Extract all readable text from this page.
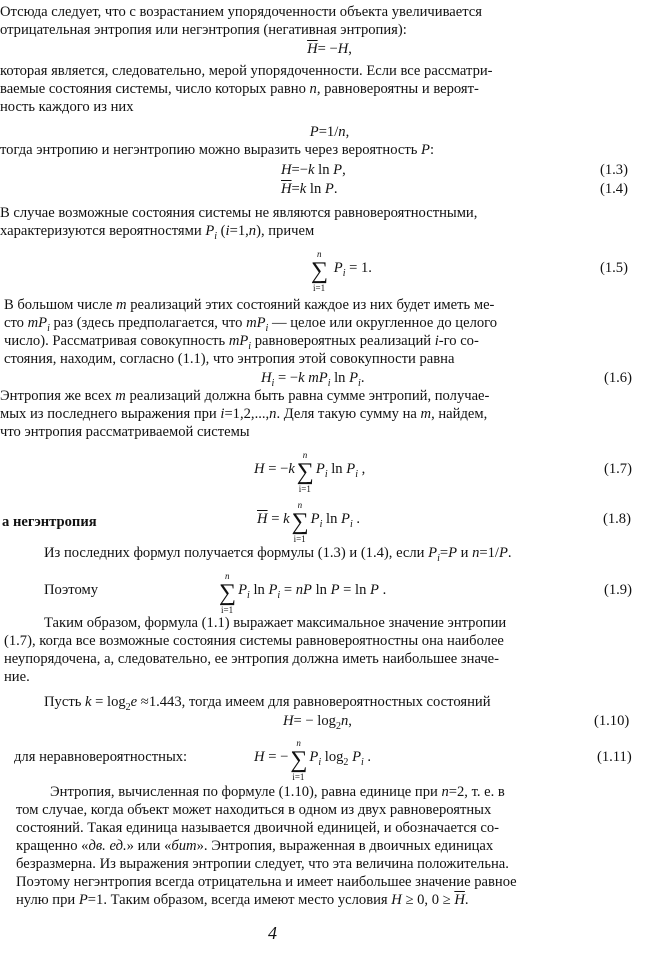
Отсюда следует, что с возрастанием упорядоченности объекта увеличивается
отрицательная энтропия или негэнтропия (негативная энтропия):
$\overline{H}= -H$,
которая является, следовательно, мерой упорядоченности. Если все рассматри-
ваемые состояния системы, число которых равно n, равновероятны и вероят-
ность каждого из них
P=1/n,
тогда энтропию и негэнтропию можно выразить через вероятность P:
H=−k ln P,	(1.3)
$\overline{H}=k$ ln P.	(1.4)
В случае возможные состояния системы не являются равновероятностными,
характеризуются вероятностями $P_i$ (i=1,n), причем
n
∑
i=1
$P_i = 1$.	(1.5)
В большом числе m реализаций этих состояний каждое из них будет иметь ме-
сто $mP_i$ раз (здесь предполагается, что $mP_i$ — целое или округленное до целого
число). Рассматривая совокупность $mP_i$ равновероятных реализаций i-го со-
стояния, находим, согласно (1.1), что энтропия этой совокупности равна
$H_i = -k$ $mP_i$ $\ln P_i$.	(1.6)
Энтропия же всех m реализаций должна быть равна сумме энтропий, получае-
мых из последнего выражения при i=1,2,...,n. Деля такую сумму на m, найдем,
что энтропия рассматриваемой системы
H = −k
n
∑
i=1
$P_i$ $\ln P_i$ ,	(1.7)
а негэнтропия	$\overline{H} = k$
n
∑
i=1
$P_i$ $\ln P_i$ .	(1.8)
Из последних формул получается формулы (1.3) и (1.4), если $P_i=P$ и n=1/P.
Поэтому
n
∑
i=1
$P_i$ $\ln P_i$ = nP ln P = ln P .	(1.9)
Таким образом, формула (1.1) выражает максимальное значение энтропии
(1.7), когда все возможные состояния системы равновероятностны она наиболее
неупорядочена, а, следовательно, ее энтропия должна иметь наибольшее значе-
ние.
Пусть $k = \log_2e \approx 1.443$, тогда имеем для равновероятностных состояний
$H= - \log_2n$,	(1.10)
для неравновероятностных:	H = −
n
∑
i=1
$P_i$ $\log_2 P_i$ .	(1.11)
Энтропия, вычисленная по формуле (1.10), равна единице при n=2, т. е. в
том случае, когда объект может находиться в одном из двух равновероятных
состояний. Такая единица называется двоичной единицей, и обозначается со-
кращенно «дв. ед.» или «бит». Энтропия, выраженная в двоичных единицах
безразмерна. Из выражения энтропии следует, что эта величина положительна.
Поэтому негэнтропия всегда отрицательна и имеет наибольшее значение равное
нулю при P=1. Таким образом, всегда имеют место условия H ≥ 0, $0 \ge \overline{H}$.
4
